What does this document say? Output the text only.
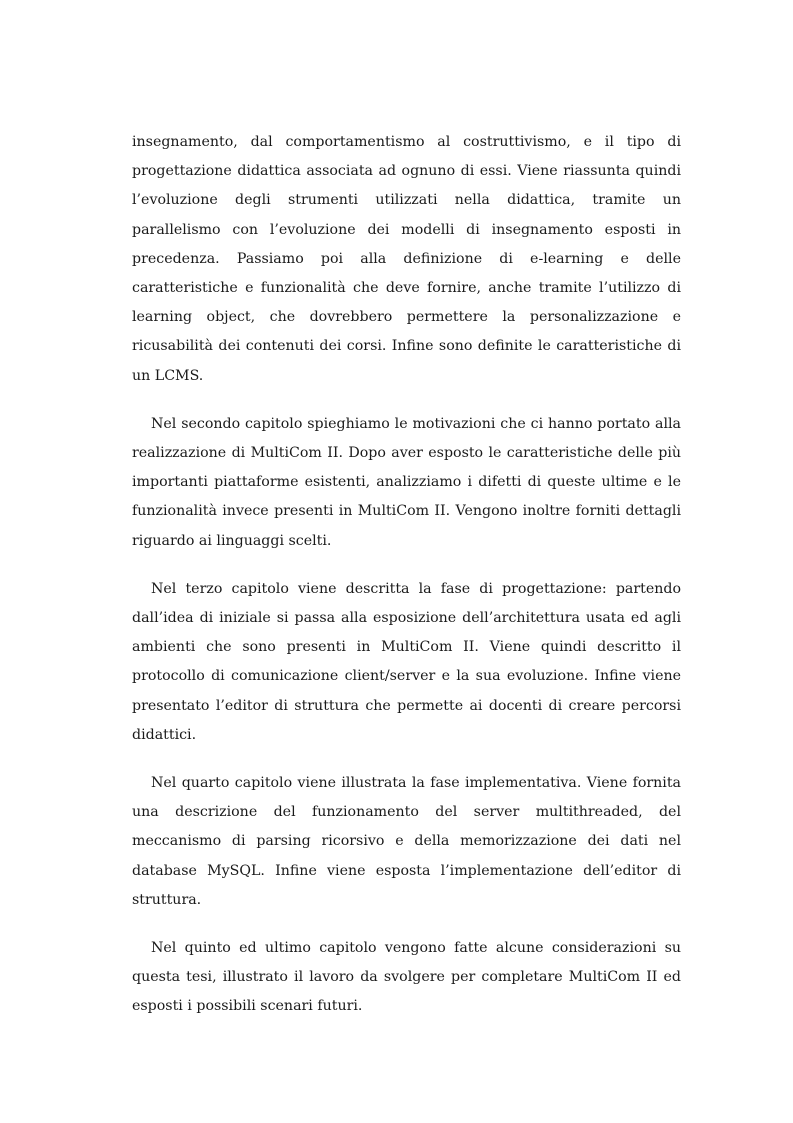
insegnamento, dal comportamentismo al costruttivismo, e il tipo di progettazione didattica associata ad ognuno di essi. Viene riassunta quindi l’evoluzione degli strumenti utilizzati nella didattica, tramite un parallelismo con l’evoluzione dei modelli di insegnamento esposti in precedenza. Passiamo poi alla definizione di e-learning e delle caratteristiche e funzionalità che deve fornire, anche tramite l’utilizzo di learning object, che dovrebbero permettere la personalizzazione e ricusabilità dei contenuti dei corsi. Infine sono definite le caratteristiche di un LCMS.

Nel secondo capitolo spieghiamo le motivazioni che ci hanno portato alla realizzazione di MultiCom II. Dopo aver esposto le caratteristiche delle più importanti piattaforme esistenti, analizziamo i difetti di queste ultime e le funzionalità invece presenti in MultiCom II. Vengono inoltre forniti dettagli riguardo ai linguaggi scelti.

Nel terzo capitolo viene descritta la fase di progettazione: partendo dall’idea di iniziale si passa alla esposizione dell’architettura usata ed agli ambienti che sono presenti in MultiCom II. Viene quindi descritto il protocollo di comunicazione client/server e la sua evoluzione. Infine viene presentato l’editor di struttura che permette ai docenti di creare percorsi didattici.

Nel quarto capitolo viene illustrata la fase implementativa. Viene fornita una descrizione del funzionamento del server multithreaded, del meccanismo di parsing ricorsivo e della memorizzazione dei dati nel database MySQL. Infine viene esposta l’implementazione dell’editor di struttura.

Nel quinto ed ultimo capitolo vengono fatte alcune considerazioni su questa tesi, illustrato il lavoro da svolgere per completare MultiCom II ed esposti i possibili scenari futuri.
